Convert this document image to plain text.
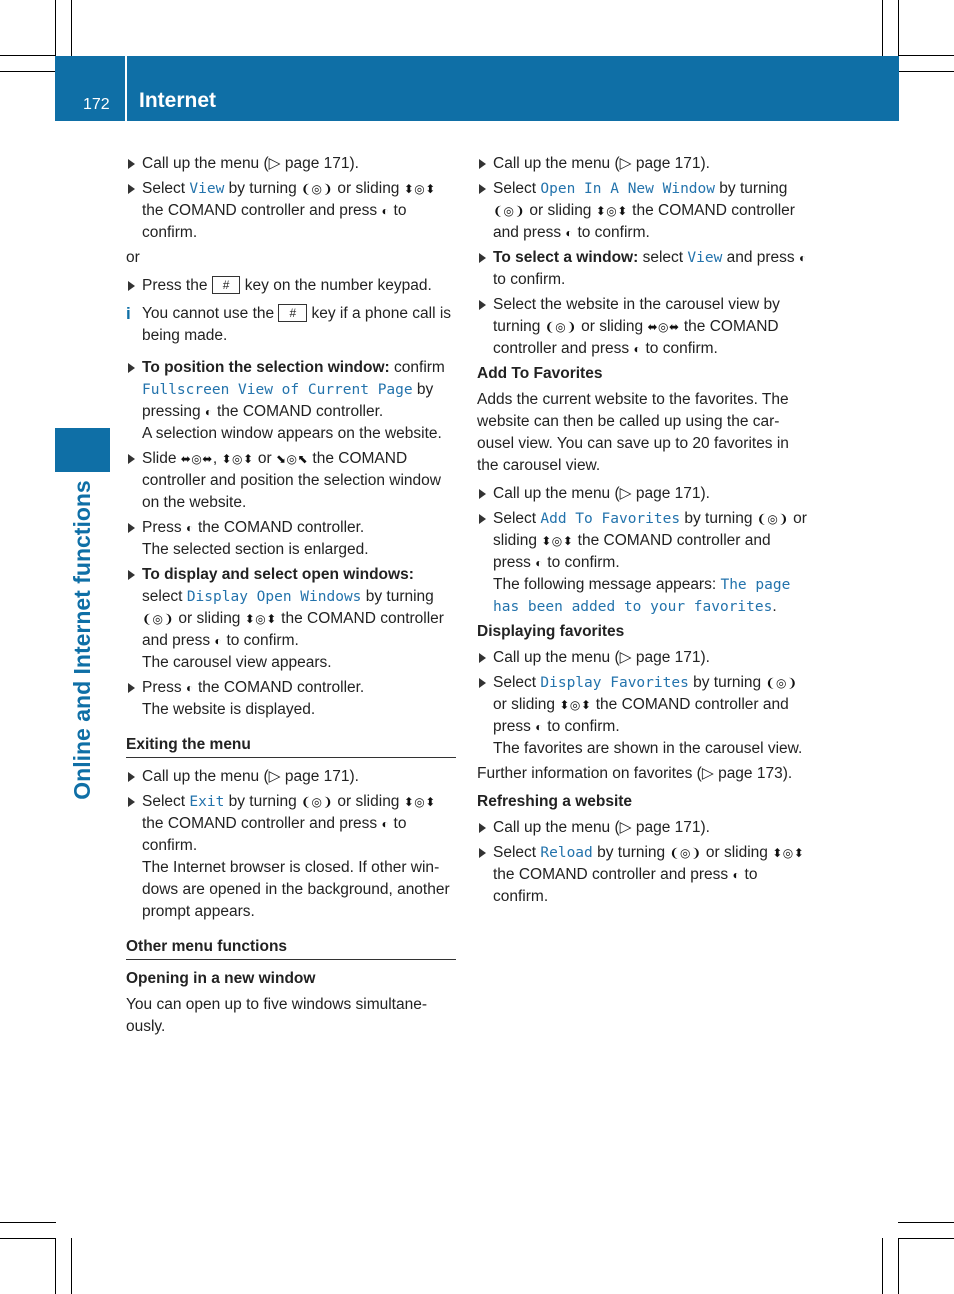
172 Internet
Online and Internet functions
Call up the menu (▷ page 171).
Select View by turning ❨◎❩ or sliding ⬍◎⬍ the COMAND controller and press ◐ to confirm.
or
Press the # key on the number keypad.
i You cannot use the # key if a phone call is being made.
To position the selection window: confirm Fullscreen View of Current Page by pressing ◐ the COMAND controller.
A selection window appears on the website.
Slide ⬌◎⬌, ⬍◎⬍ or ⬊◎⬉ the COMAND controller and position the selection window on the website.
Press ◐ the COMAND controller.
The selected section is enlarged.
To display and select open windows: select Display Open Windows by turning ❨◎❩ or sliding ⬍◎⬍ the COMAND controller and press ◐ to confirm.
The carousel view appears.
Press ◐ the COMAND controller.
The website is displayed.
Exiting the menu
Call up the menu (▷ page 171).
Select Exit by turning ❨◎❩ or sliding ⬍◎⬍ the COMAND controller and press ◐ to confirm.
The Internet browser is closed. If other windows are opened in the background, another prompt appears.
Other menu functions
Opening in a new window
You can open up to five windows simultaneously.
Call up the menu (▷ page 171).
Select Open In A New Window by turning ❨◎❩ or sliding ⬍◎⬍ the COMAND controller and press ◐ to confirm.
To select a window: select View and press ◐ to confirm.
Select the website in the carousel view by turning ❨◎❩ or sliding ⬌◎⬌ the COMAND controller and press ◐ to confirm.
Add To Favorites
Adds the current website to the favorites. The website can then be called up using the carousel view. You can save up to 20 favorites in the carousel view.
Call up the menu (▷ page 171).
Select Add To Favorites by turning ❨◎❩ or sliding ⬍◎⬍ the COMAND controller and press ◐ to confirm.
The following message appears: The page has been added to your favorites.
Displaying favorites
Call up the menu (▷ page 171).
Select Display Favorites by turning ❨◎❩ or sliding ⬍◎⬍ the COMAND controller and press ◐ to confirm.
The favorites are shown in the carousel view.
Further information on favorites (▷ page 173).
Refreshing a website
Call up the menu (▷ page 171).
Select Reload by turning ❨◎❩ or sliding ⬍◎⬍ the COMAND controller and press ◐ to confirm.
